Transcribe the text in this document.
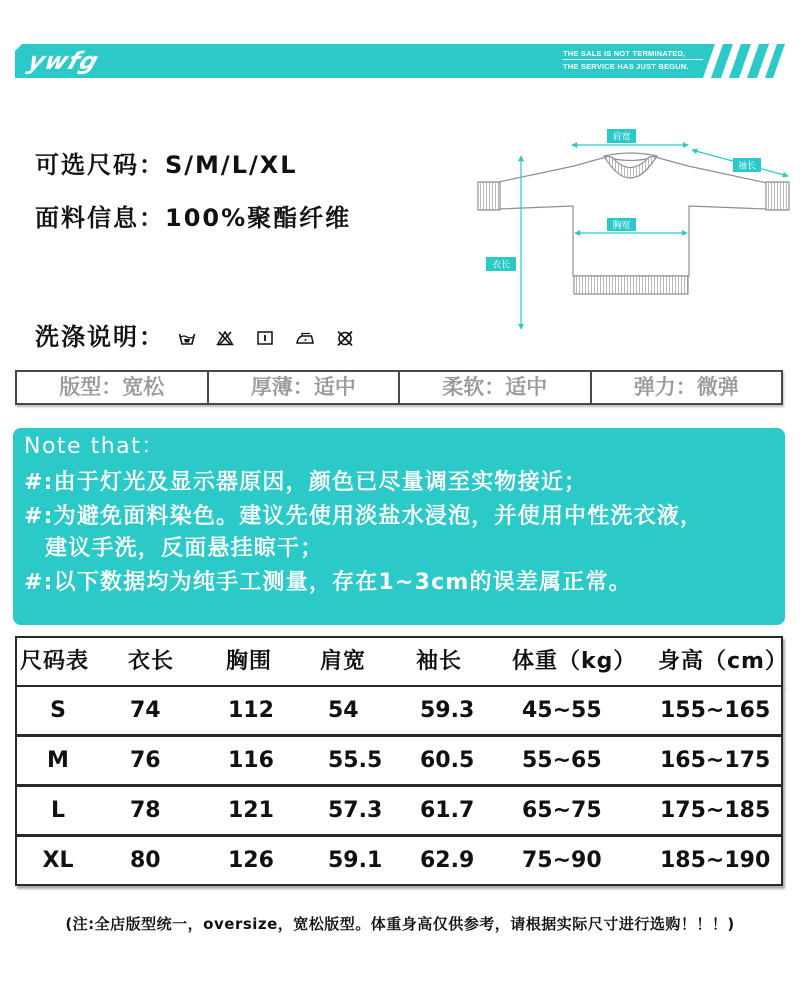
ywfg	THE SALE IS NOT TERMINATED,
THE SERVICE HAS JUST BEGUN.
可选尺码：S/M/L/XL
面料信息：100%聚酯纤维
洗涤说明：
肩宽
袖长
胸宽
衣长
版型：宽松	厚薄：适中	柔软：适中	弹力：微弹
Note that：
#:由于灯光及显示器原因，颜色已尽量调至实物接近；
#:为避免面料染色。建议先使用淡盐水浸泡，并使用中性洗衣液，
建议手洗，反面悬挂晾干；
#:以下数据均为纯手工测量，存在1~3cm的误差属正常。
尺码表 衣长 胸围 肩宽 袖长 体重（kg） 身高（cm）
S	74	112 54	59.3 45~55	155~165
M	76	116 55.5 60.5 55~65	165~175
L	78	121 57.3 61.7 65~75	175~185
XL	80	126 59.1 62.9 75~90	185~190
(注:全店版型统一，oversize，宽松版型。体重身高仅供参考，请根据实际尺寸进行选购！！！)
